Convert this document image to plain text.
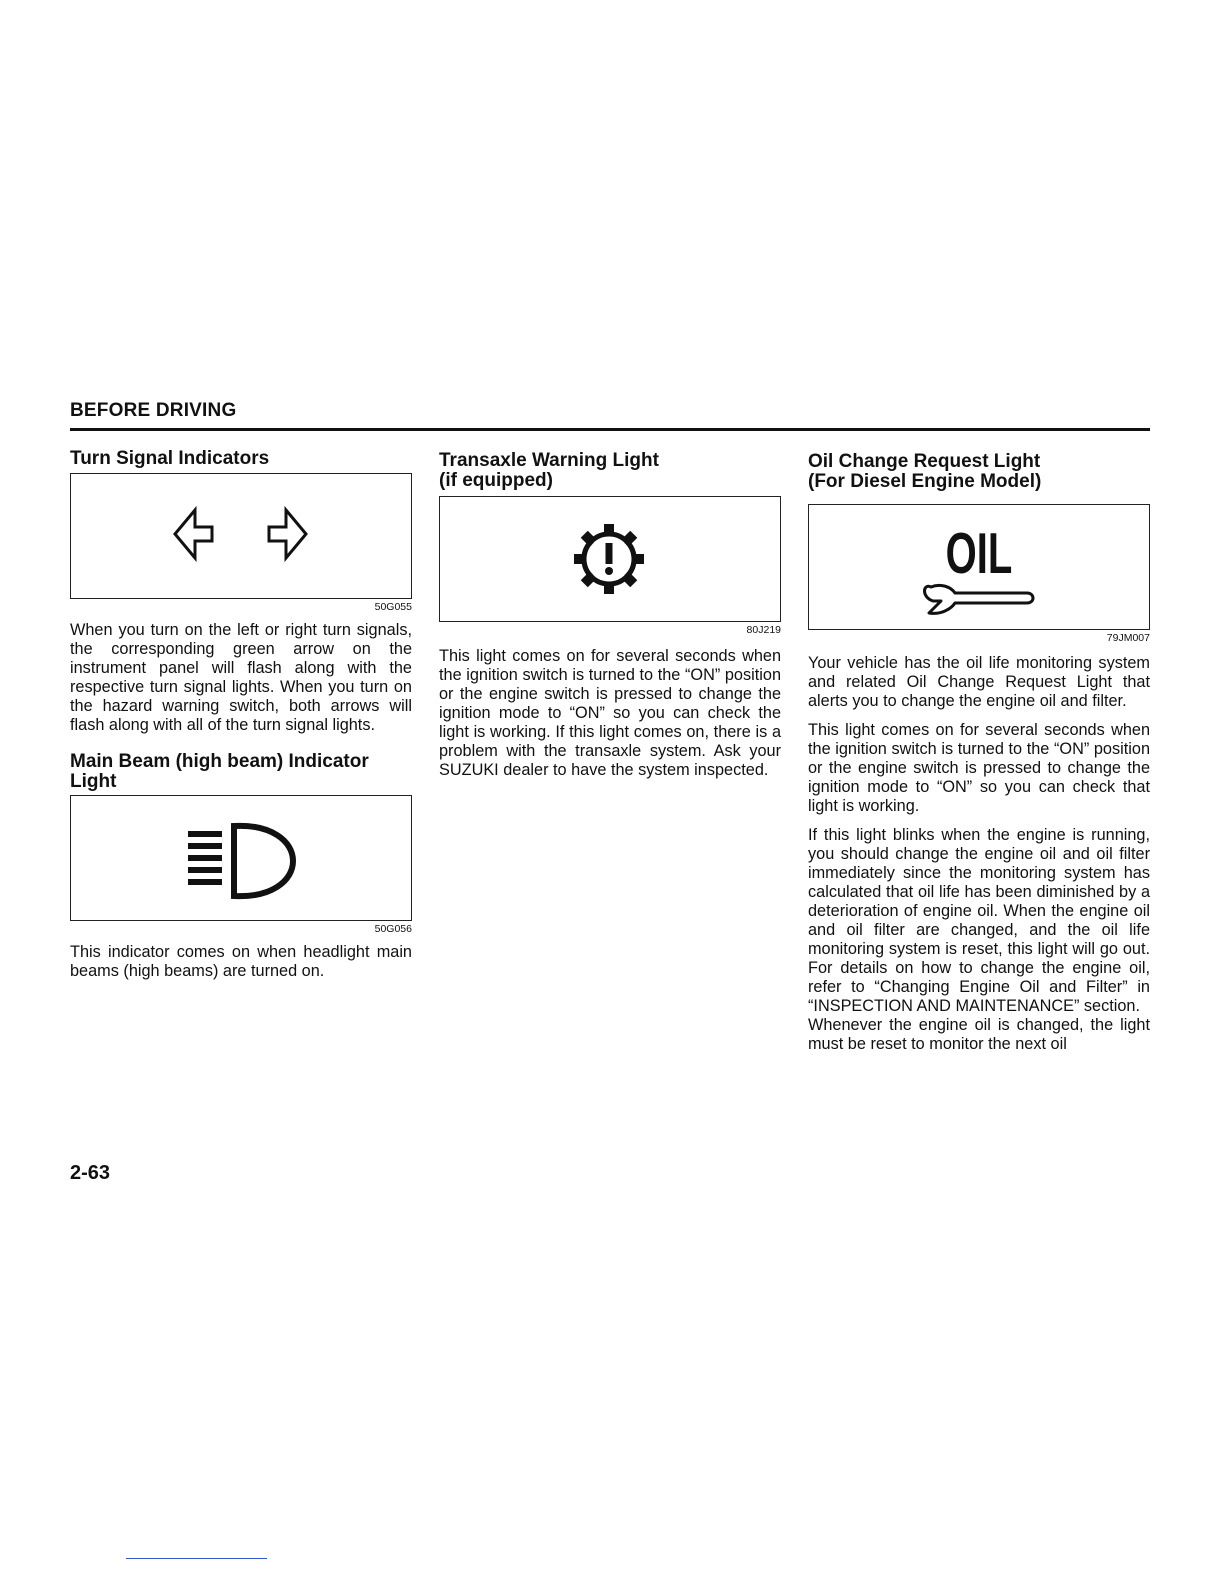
BEFORE DRIVING
Turn Signal Indicators
50G055

When you turn on the left or right turn signals, the corresponding green arrow on the instrument panel will flash along with the respective turn signal lights. When you turn on the hazard warning switch, both arrows will flash along with all of the turn signal lights.

Main Beam (high beam) Indicator
Light
50G056

This indicator comes on when headlight main beams (high beams) are turned on.

Transaxle Warning Light
(if equipped)
80J219

This light comes on for several seconds when the ignition switch is turned to the “ON” position or the engine switch is pressed to change the ignition mode to “ON” so you can check the light is working. If this light comes on, there is a problem with the transaxle system. Ask your SUZUKI dealer to have the system inspected.

Oil Change Request Light
(For Diesel Engine Model)
OIL
79JM007

Your vehicle has the oil life monitoring system and related Oil Change Request Light that alerts you to change the engine oil and filter.

This light comes on for several seconds when the ignition switch is turned to the “ON” position or the engine switch is pressed to change the ignition mode to “ON” so you can check that light is working.

If this light blinks when the engine is running, you should change the engine oil and oil filter immediately since the monitoring system has calculated that oil life has been diminished by a deterioration of engine oil. When the engine oil and oil filter are changed, and the oil life monitoring system is reset, this light will go out. For details on how to change the engine oil, refer to “Changing Engine Oil and Filter” in “INSPECTION AND MAINTENANCE” section.

Whenever the engine oil is changed, the light must be reset to monitor the next oil

2-63
